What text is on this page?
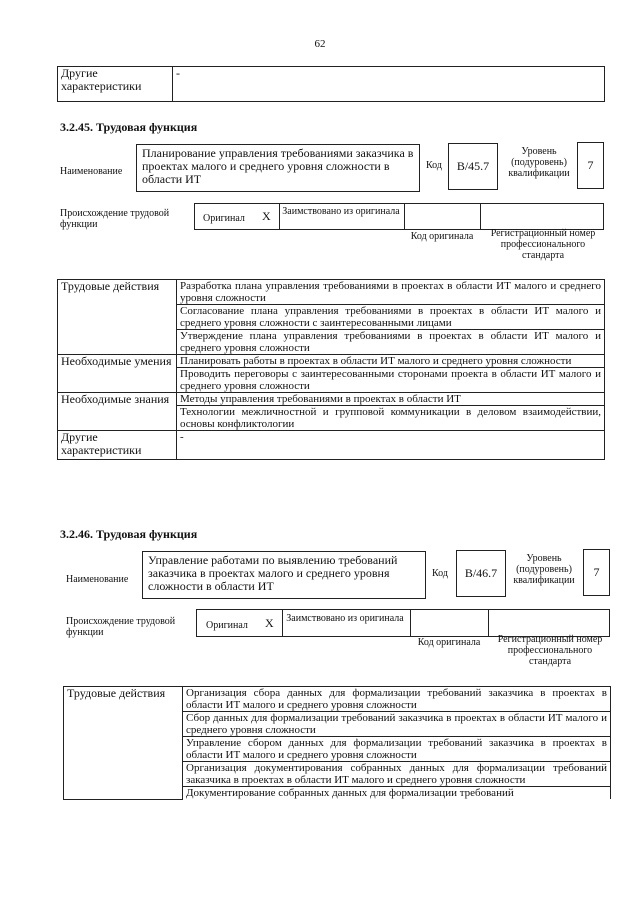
62
Другие характеристики	-
3.2.45. Трудовая функция
Наименование
Планирование управления требованиями заказчика в проектах малого и среднего уровня сложности в области ИТ
Код	B/45.7
Уровень (подуровень) квалификации
7
Происхождение трудовой функции
Оригинал X Заимствовано из оригинала
Код оригинала	Регистрационный номер профессионального стандарта
Трудовые действия	Разработка плана управления требованиями в проектах в области ИТ малого и среднего уровня сложности
	Согласование плана управления требованиями в проектах в области ИТ малого и среднего уровня сложности с заинтересованными лицами
	Утверждение плана управления требованиями в проектах в области ИТ малого и среднего уровня сложности
Необходимые умения	Планировать работы в проектах в области ИТ малого и среднего уровня сложности
	Проводить переговоры с заинтересованными сторонами проекта в области ИТ малого и среднего уровня сложности
Необходимые знания	Методы управления требованиями в проектах в области ИТ
	Технологии межличностной и групповой коммуникации в деловом взаимодействии, основы конфликтологии
Другие характеристики	-
3.2.46. Трудовая функция
Наименование
Управление работами по выявлению требований заказчика в проектах малого и среднего уровня сложности в области ИТ
Код	B/46.7
Уровень (подуровень) квалификации
7
Происхождение трудовой функции
Оригинал X Заимствовано из оригинала
Код оригинала	Регистрационный номер профессионального стандарта
Трудовые действия	Организация сбора данных для формализации требований заказчика в проектах в области ИТ малого и среднего уровня сложности
Сбор данных для формализации требований заказчика в проектах в области ИТ малого и среднего уровня сложности
Управление сбором данных для формализации требований заказчика в проектах в области ИТ малого и среднего уровня сложности
Организация документирования собранных данных для формализации требований заказчика в проектах в области ИТ малого и среднего уровня сложности
Документирование собранных данных для формализации требований
